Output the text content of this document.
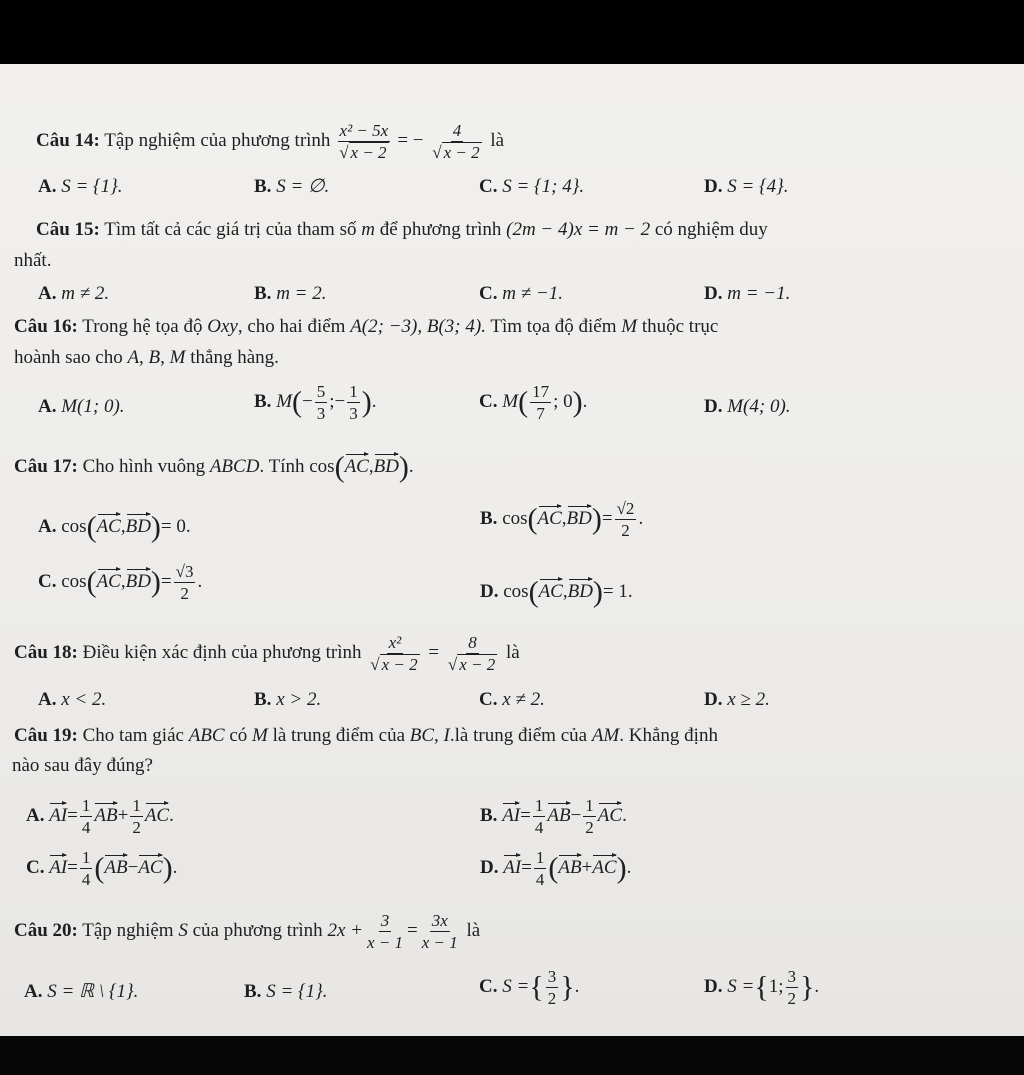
Câu 14: Tập nghiệm của phương trình $\frac{\text{x² − 5x}}{√ x - 2}$ = − $\frac{4}{√ x - 2}$ là
A. S = {1}.	B. S = ∅.	C. S = {1; 4}.	D. S = {4}.
Câu 15: Tìm tất cả các giá trị của tham số m để phương trình (2m − 4)x = m − 2 có nghiệm duy
nhất.
A. m ≠ 2.	B. m = 2.	C. m ≠ −1.	D. m = −1.
Câu 16: Trong hệ tọa độ Oxy, cho hai điểm A(2; −3), B(3; 4). Tìm tọa độ điểm M thuộc trục
hoành sao cho A, B, M thẳng hàng.
A. M(1; 0).	B. $M(- \frac{5}{3}$ ;− $\frac{1}{3}$ ).	C. $M( \frac{17}{7}$ ; 0).	D. M(4; 0).
Câu 17: Cho hình vuông ABCD. Tính cos(AC,BD).
A. cos(AC,BD)= 0.	B. $\cos(AC,BD)= \frac{√2}{2}$ .
C. $\cos(AC,BD)= \frac{√3}{2}$ .	D. cos(AC,BD)= 1.
Câu 18: Điều kiện xác định của phương trình $\frac{\text{x²}}{√ x - 2} = \frac{8}{√ x - 2}$ là
A. x < 2.	B. x > 2.	C. x ≠ 2.	D. x ≥ 2.
Câu 19: Cho tam giác ABC có M là trung điểm của BC, I.là trung điểm của AM. Khẳng định
nào sau đây đúng?
A. $AI= \frac{1}{4} AB+ \frac{1}{2}$ AC.	B. $AI= \frac{1}{4} AB- \frac{1}{2}$ AC.
C. $AI= \frac{1}{4} (AB-AC)$.	D. $AI= \frac{1}{4} (AB+AC)$.
Câu 20: Tập nghiệm S của phương trình $2x + \frac{3}{x - 1} = \frac{3x}{x - 1}$ là
A. S = ℝ \ {1}.	B. S = {1}.	C. S ={ $\frac{3}{2}$ }.	D. S ={1; $\frac{3}{2}$ }.
